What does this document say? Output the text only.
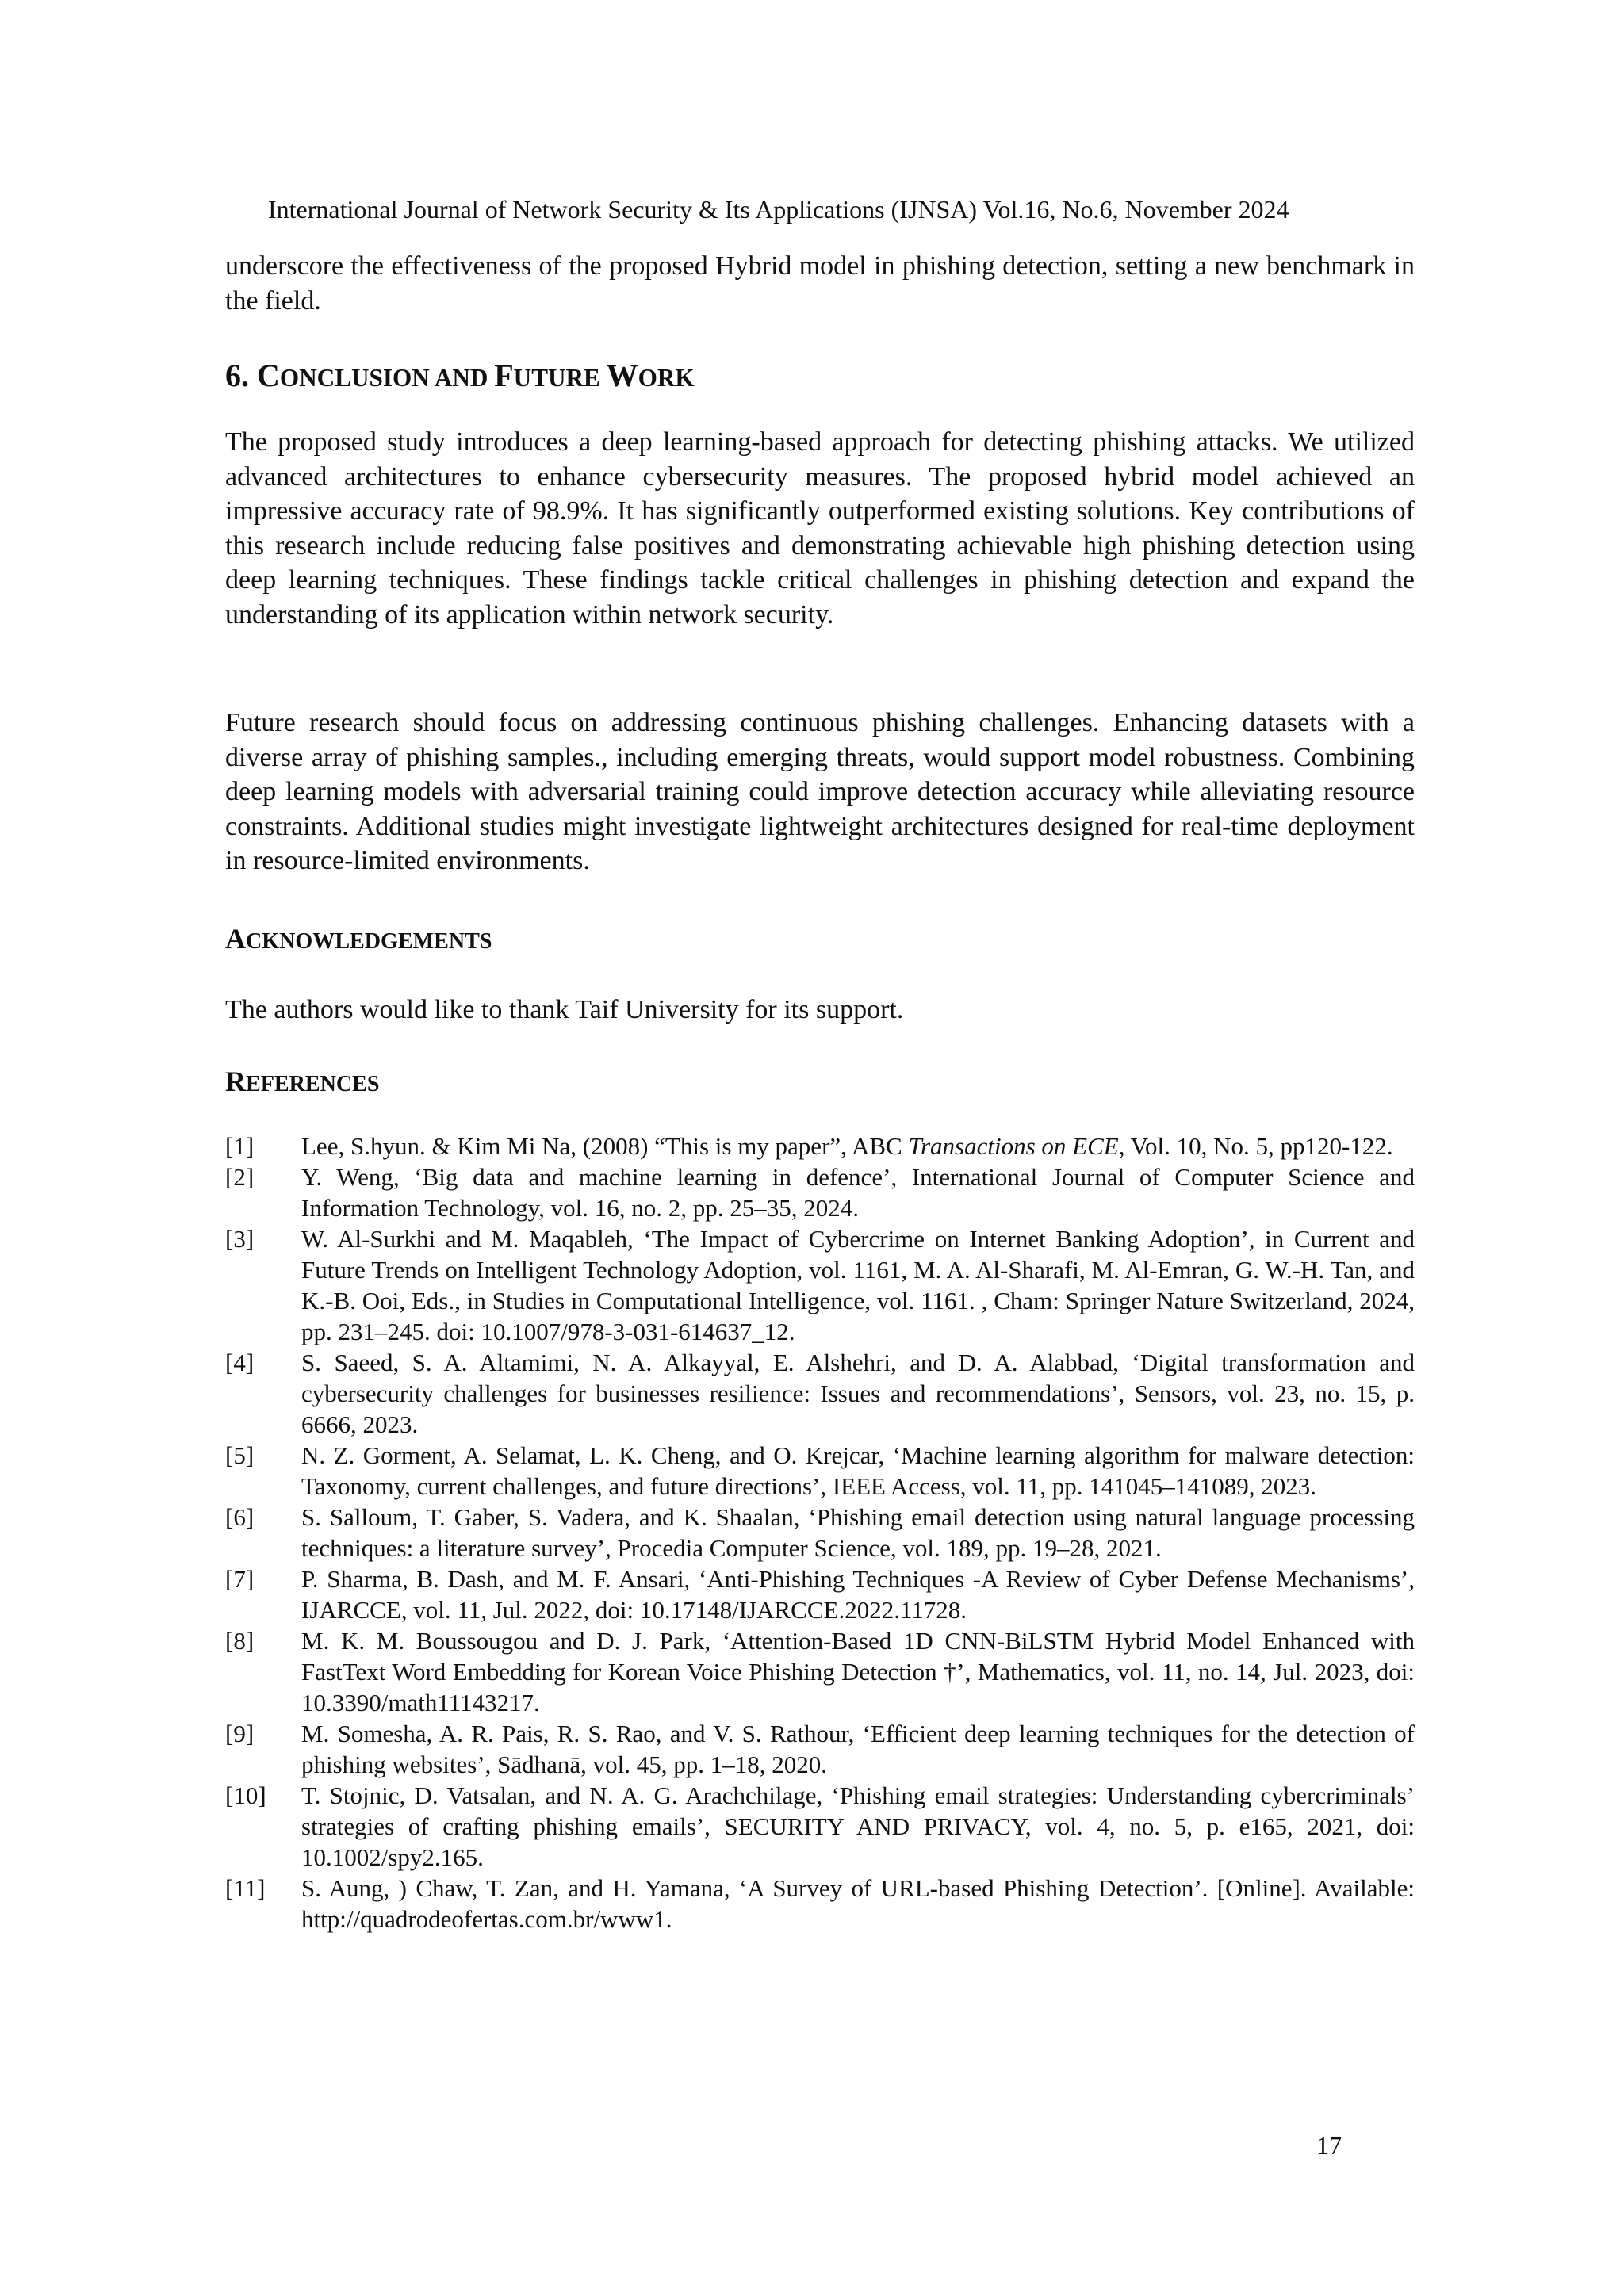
International Journal of Network Security & Its Applications (IJNSA) Vol.16, No.6, November 2024

underscore the effectiveness of the proposed Hybrid model in phishing detection, setting a new benchmark in the field.

6. CONCLUSION AND FUTURE WORK

The proposed study introduces a deep learning-based approach for detecting phishing attacks. We utilized advanced architectures to enhance cybersecurity measures. The proposed hybrid model achieved an impressive accuracy rate of 98.9%. It has significantly outperformed existing solutions. Key contributions of this research include reducing false positives and demonstrating achievable high phishing detection using deep learning techniques. These findings tackle critical challenges in phishing detection and expand the understanding of its application within network security.

Future research should focus on addressing continuous phishing challenges. Enhancing datasets with a diverse array of phishing samples., including emerging threats, would support model robustness. Combining deep learning models with adversarial training could improve detection accuracy while alleviating resource constraints. Additional studies might investigate lightweight architectures designed for real-time deployment in resource-limited environments.

ACKNOWLEDGEMENTS

The authors would like to thank Taif University for its support.

REFERENCES
[1]	Lee, S.hyun. & Kim Mi Na, (2008) “This is my paper”, ABC Transactions on ECE, Vol. 10, No. 5, pp120-122.
[2]	Y. Weng, ‘Big data and machine learning in defence’, International Journal of Computer Science and Information Technology, vol. 16, no. 2, pp. 25–35, 2024.
[3]	W. Al-Surkhi and M. Maqableh, ‘The Impact of Cybercrime on Internet Banking Adoption’, in Current and Future Trends on Intelligent Technology Adoption, vol. 1161, M. A. Al-Sharafi, M. Al-Emran, G. W.-H. Tan, and K.-B. Ooi, Eds., in Studies in Computational Intelligence, vol. 1161. , Cham: Springer Nature Switzerland, 2024, pp. 231–245. doi: 10.1007/978-3-031-614637_12.
[4]	S. Saeed, S. A. Altamimi, N. A. Alkayyal, E. Alshehri, and D. A. Alabbad, ‘Digital transformation and cybersecurity challenges for businesses resilience: Issues and recommendations’, Sensors, vol. 23, no. 15, p. 6666, 2023.
[5]	N. Z. Gorment, A. Selamat, L. K. Cheng, and O. Krejcar, ‘Machine learning algorithm for malware detection: Taxonomy, current challenges, and future directions’, IEEE Access, vol. 11, pp. 141045–141089, 2023.
[6]	S. Salloum, T. Gaber, S. Vadera, and K. Shaalan, ‘Phishing email detection using natural language processing techniques: a literature survey’, Procedia Computer Science, vol. 189, pp. 19–28, 2021.
[7]	P. Sharma, B. Dash, and M. F. Ansari, ‘Anti-Phishing Techniques -A Review of Cyber Defense Mechanisms’, IJARCCE, vol. 11, Jul. 2022, doi: 10.17148/IJARCCE.2022.11728.
[8]	M. K. M. Boussougou and D. J. Park, ‘Attention-Based 1D CNN-BiLSTM Hybrid Model Enhanced with FastText Word Embedding for Korean Voice Phishing Detection †’, Mathematics, vol. 11, no. 14, Jul. 2023, doi: 10.3390/math11143217.
[9]	M. Somesha, A. R. Pais, R. S. Rao, and V. S. Rathour, ‘Efficient deep learning techniques for the detection of phishing websites’, Sādhanā, vol. 45, pp. 1–18, 2020.
[10]	T. Stojnic, D. Vatsalan, and N. A. G. Arachchilage, ‘Phishing email strategies: Understanding cybercriminals’ strategies of crafting phishing emails’, SECURITY AND PRIVACY, vol. 4, no. 5, p. e165, 2021, doi: 10.1002/spy2.165.
[11]	S. Aung, ) Chaw, T. Zan, and H. Yamana, ‘A Survey of URL-based Phishing Detection’. [Online]. Available: http://quadrodeofertas.com.br/www1.
17
